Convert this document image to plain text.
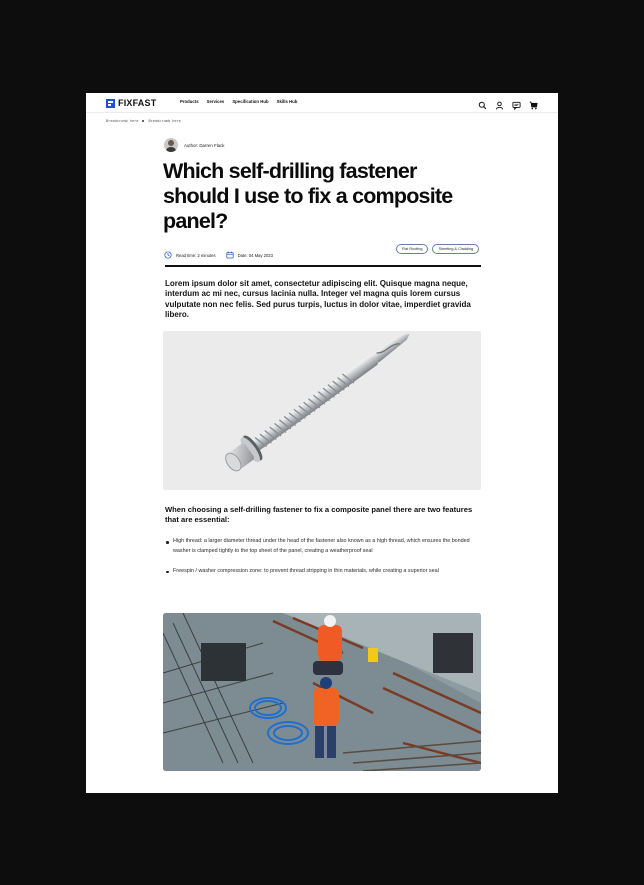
FIXFAST	Products Services Specification Hub Skills Hub
Breadcrumb here	Breadcrumb here
Author: Darren Flack
Which self-drilling fastener should I use to fix a composite panel?
Read time: 2 minutes	Date: 04 May 2023
Flat Roofing	Sheeting & Cladding

Lorem ipsum dolor sit amet, consectetur adipiscing elit. Quisque magna neque, interdum ac mi nec, cursus lacinia nulla. Integer vel magna quis lorem cursus vulputate non nec felis. Sed purus turpis, luctus in dolor vitae, imperdiet gravida libero.

When choosing a self-drilling fastener to fix a composite panel there are two features that are essential:

High thread: a larger diameter thread under the head of the fastener also known as a high thread, which ensures the bonded washer is clamped tightly to the top sheet of the panel, creating a weatherproof seal
Freespin / washer compression zone: to prevent thread stripping in thin materials, while creating a superior seal
